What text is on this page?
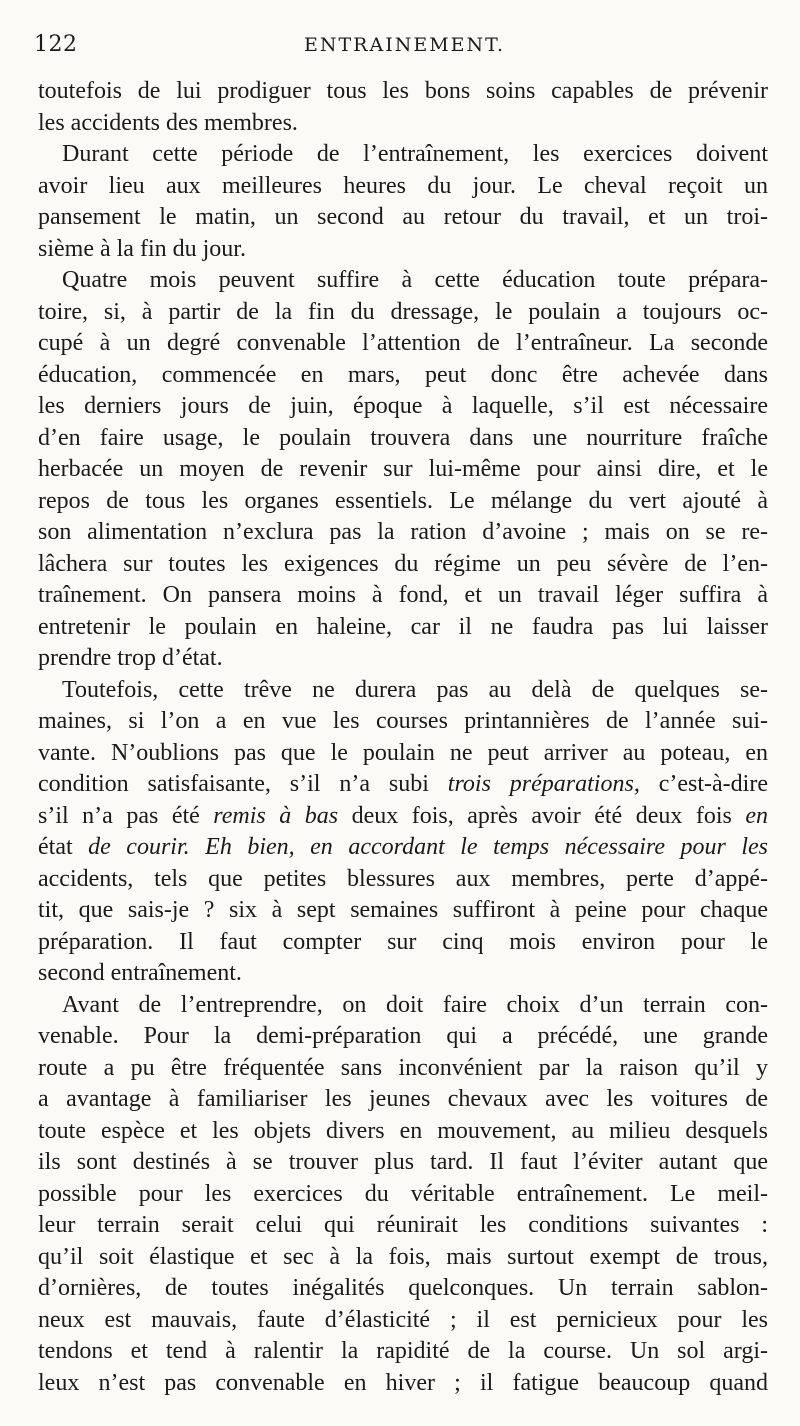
122	ENTRAINEMENT.
toutefois de lui prodiguer tous les bons soins capables de prévenir
les accidents des membres.
Durant cette période de l’entraînement, les exercices doivent
avoir lieu aux meilleures heures du jour. Le cheval reçoit un
pansement le matin, un second au retour du travail, et un troi-
sième à la fin du jour.
Quatre mois peuvent suffire à cette éducation toute prépara-
toire, si, à partir de la fin du dressage, le poulain a toujours oc-
cupé à un degré convenable l’attention de l’entraîneur. La seconde
éducation, commencée en mars, peut donc être achevée dans
les derniers jours de juin, époque à laquelle, s’il est nécessaire
d’en faire usage, le poulain trouvera dans une nourriture fraîche
herbacée un moyen de revenir sur lui-même pour ainsi dire, et le
repos de tous les organes essentiels. Le mélange du vert ajouté à
son alimentation n’exclura pas la ration d’avoine ; mais on se re-
lâchera sur toutes les exigences du régime un peu sévère de l’en-
traînement. On pansera moins à fond, et un travail léger suffira à
entretenir le poulain en haleine, car il ne faudra pas lui laisser
prendre trop d’état.
Toutefois, cette trêve ne durera pas au delà de quelques se-
maines, si l’on a en vue les courses printannières de l’année sui-
vante. N’oublions pas que le poulain ne peut arriver au poteau, en
condition satisfaisante, s’il n’a subi trois préparations, c’est-à-dire
s’il n’a pas été remis à bas deux fois, après avoir été deux fois en
état de courir. Eh bien, en accordant le temps nécessaire pour les
accidents, tels que petites blessures aux membres, perte d’appé-
tit, que sais-je ? six à sept semaines suffiront à peine pour chaque
préparation. Il faut compter sur cinq mois environ pour le
second entraînement.
Avant de l’entreprendre, on doit faire choix d’un terrain con-
venable. Pour la demi-préparation qui a précédé, une grande
route a pu être fréquentée sans inconvénient par la raison qu’il y
a avantage à familiariser les jeunes chevaux avec les voitures de
toute espèce et les objets divers en mouvement, au milieu desquels
ils sont destinés à se trouver plus tard. Il faut l’éviter autant que
possible pour les exercices du véritable entraînement. Le meil-
leur terrain serait celui qui réunirait les conditions suivantes :
qu’il soit élastique et sec à la fois, mais surtout exempt de trous,
d’ornières, de toutes inégalités quelconques. Un terrain sablon-
neux est mauvais, faute d’élasticité ; il est pernicieux pour les
tendons et tend à ralentir la rapidité de la course. Un sol argi-
leux n’est pas convenable en hiver ; il fatigue beaucoup quand
